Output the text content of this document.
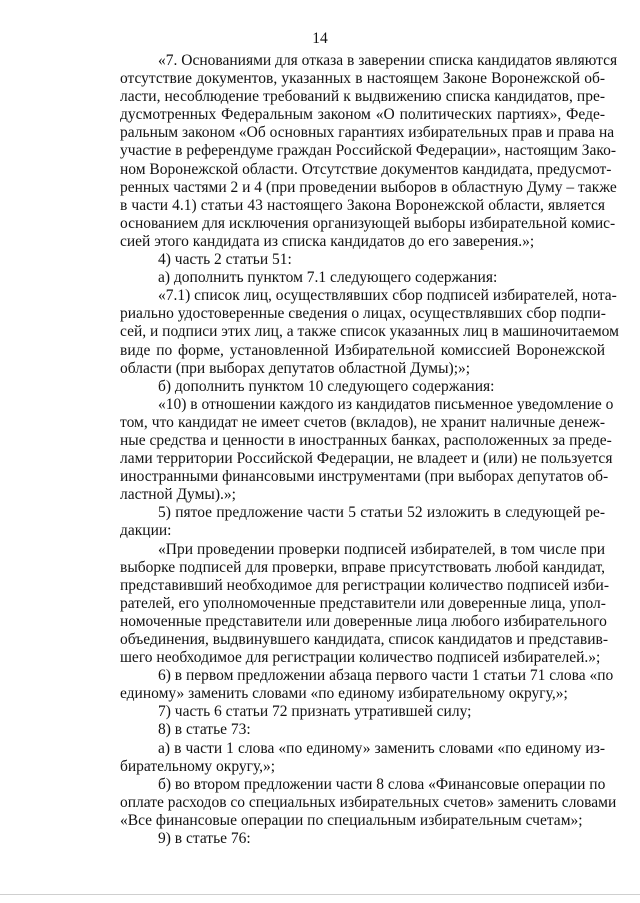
14
«7. Основаниями для отказа в заверении списка кандидатов являются
отсутствие документов, указанных в настоящем Законе Воронежской об-
ласти, несоблюдение требований к выдвижению списка кандидатов, пре-
дусмотренных Федеральным законом «О политических партиях», Феде-
ральным законом «Об основных гарантиях избирательных прав и права на
участие в референдуме граждан Российской Федерации», настоящим Зако-
ном Воронежской области. Отсутствие документов кандидата, предусмот-
ренных частями 2 и 4 (при проведении выборов в областную Думу – также
в части 4.1) статьи 43 настоящего Закона Воронежской области, является
основанием для исключения организующей выборы избирательной комис-
сией этого кандидата из списка кандидатов до его заверения.»;
4) часть 2 статьи 51:
а) дополнить пунктом 7.1 следующего содержания:
«7.1) список лиц, осуществлявших сбор подписей избирателей, нота-
риально удостоверенные сведения о лицах, осуществлявших сбор подпи-
сей, и подписи этих лиц, а также список указанных лиц в машиночитаемом
виде по форме, установленной Избирательной комиссией Воронежской
области (при выборах депутатов областной Думы);»;
б) дополнить пунктом 10 следующего содержания:
«10) в отношении каждого из кандидатов письменное уведомление о
том, что кандидат не имеет счетов (вкладов), не хранит наличные денеж-
ные средства и ценности в иностранных банках, расположенных за преде-
лами территории Российской Федерации, не владеет и (или) не пользуется
иностранными финансовыми инструментами (при выборах депутатов об-
ластной Думы).»;
5) пятое предложение части 5 статьи 52 изложить в следующей ре-
дакции:
«При проведении проверки подписей избирателей, в том числе при
выборке подписей для проверки, вправе присутствовать любой кандидат,
представивший необходимое для регистрации количество подписей изби-
рателей, его уполномоченные представители или доверенные лица, упол-
номоченные представители или доверенные лица любого избирательного
объединения, выдвинувшего кандидата, список кандидатов и представив-
шего необходимое для регистрации количество подписей избирателей.»;
6) в первом предложении абзаца первого части 1 статьи 71 слова «по
единому» заменить словами «по единому избирательному округу,»;
7) часть 6 статьи 72 признать утратившей силу;
8) в статье 73:
а) в части 1 слова «по единому» заменить словами «по единому из-
бирательному округу,»;
б) во втором предложении части 8 слова «Финансовые операции по
оплате расходов со специальных избирательных счетов» заменить словами
«Все финансовые операции по специальным избирательным счетам»;
9) в статье 76:
